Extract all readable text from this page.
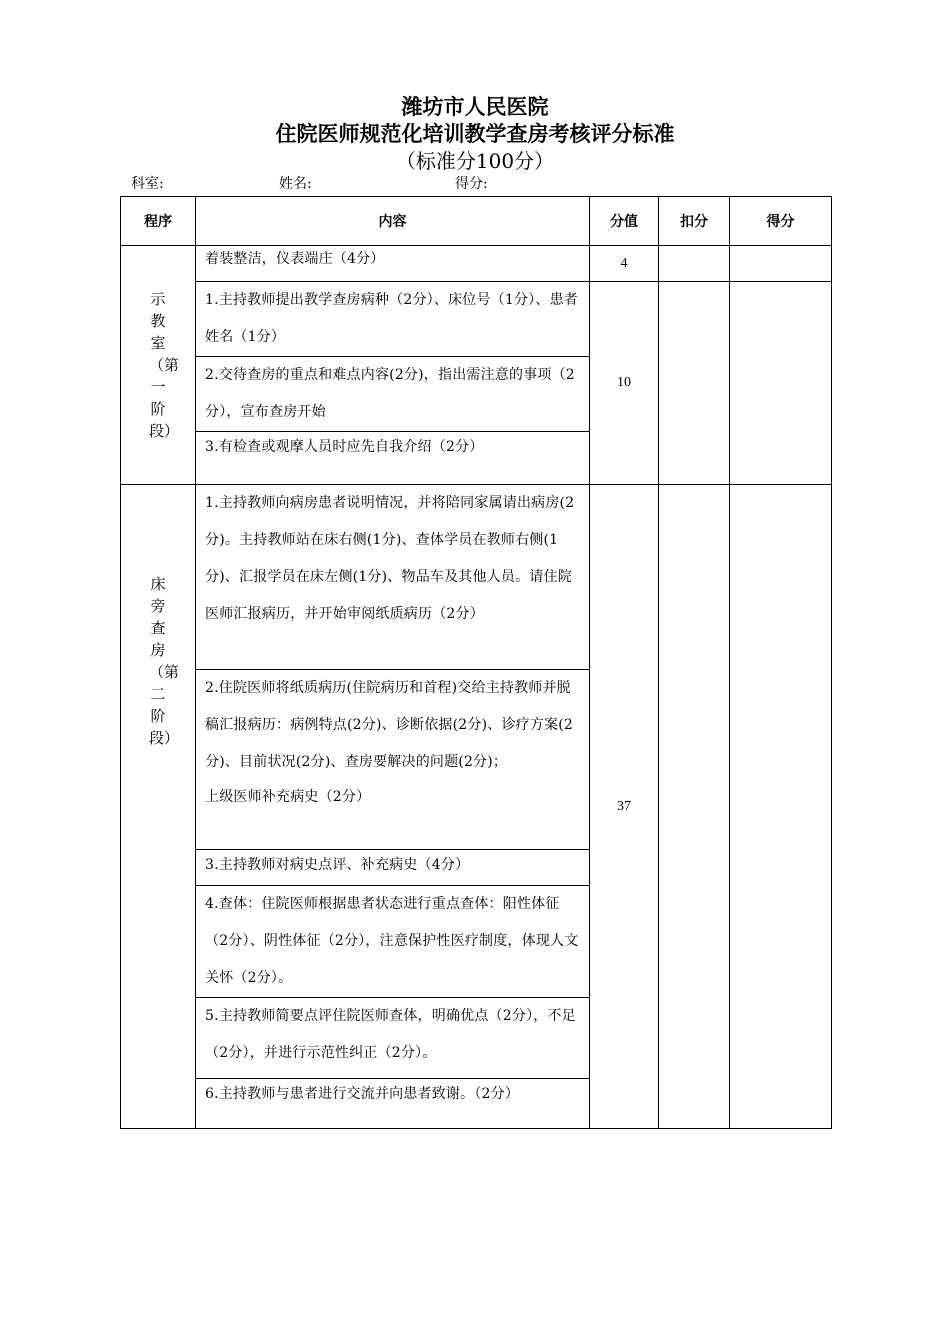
潍坊市人民医院
住院医师规范化培训教学查房考核评分标准
（标准分100分）
科室:	姓名:	得分:
程序	内容	分值	扣分	得分
示教室（第一阶段）	着装整洁，仪表端庄（4分）	4		
	1.主持教师提出教学查房病种（2分）、床位号（1分）、患者姓名（1分）	10		
	2.交待查房的重点和难点内容(2分)，指出需注意的事项（2分），宣布查房开始			
	3.有检查或观摩人员时应先自我介绍（2分）			
床旁查房（第二阶段）	1.主持教师向病房患者说明情况，并将陪同家属请出病房(2分)。主持教师站在床右侧(1分)、查体学员在教师右侧(1分)、汇报学员在床左侧(1分)、物品车及其他人员。请住院医师汇报病历，并开始审阅纸质病历（2分）	37		
	2.住院医师将纸质病历(住院病历和首程)交给主持教师并脱稿汇报病历：病例特点(2分)、诊断依据(2分)、诊疗方案(2分)、目前状况(2分)、查房要解决的问题(2分)；
上级医师补充病史（2分）			

	3.主持教师对病史点评、补充病史（4分）			
	4.查体：住院医师根据患者状态进行重点查体：阳性体征（2分）、阴性体征（2分），注意保护性医疗制度，体现人文关怀（2分）。			
	5.主持教师简要点评住院医师查体，明确优点（2分），不足（2分），并进行示范性纠正（2分）。			
	6.主持教师与患者进行交流并向患者致谢。（2分）			
